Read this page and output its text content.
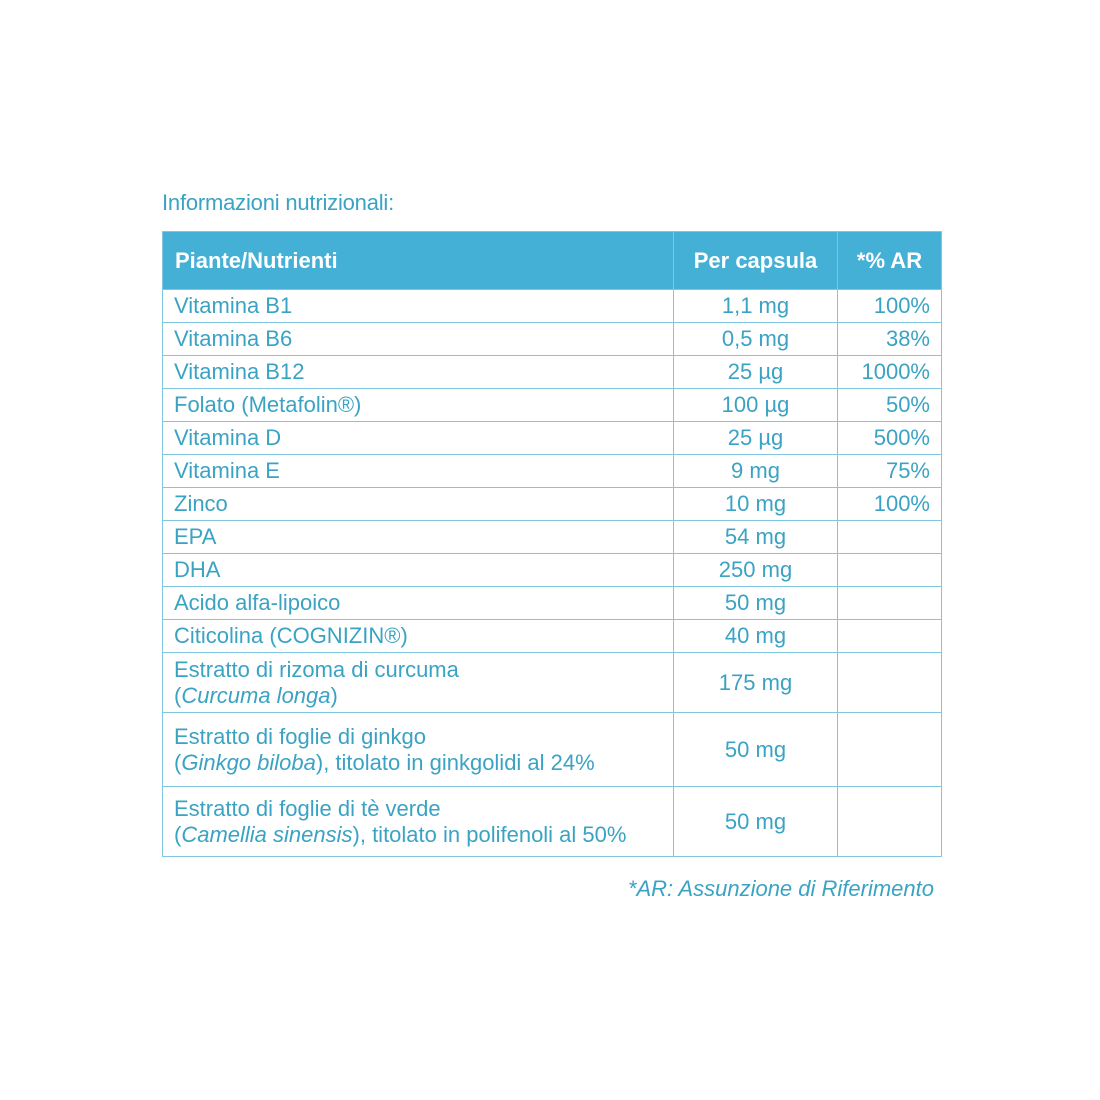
Informazioni nutrizionali:
Piante/Nutrienti	Per capsula	*% AR
Vitamina B1	1,1 mg	100%
Vitamina B6	0,5 mg	38%
Vitamina B12	25 µg	1000%
Folato (Metafolin®)	100 µg	50%
Vitamina D	25 µg	500%
Vitamina E	9 mg	75%
Zinco	10 mg	100%
EPA	54 mg	
DHA	250 mg	
Acido alfa-lipoico	50 mg	
Citicolina (COGNIZIN®)	40 mg	

Estratto di rizoma di curcuma
(Curcuma longa)	175 mg	

Estratto di foglie di ginkgo
(Ginkgo biloba), titolato in ginkgolidi al 24%	50 mg	

Estratto di foglie di tè verde
(Camellia sinensis), titolato in polifenoli al 50%	50 mg	
*AR: Assunzione di Riferimento
